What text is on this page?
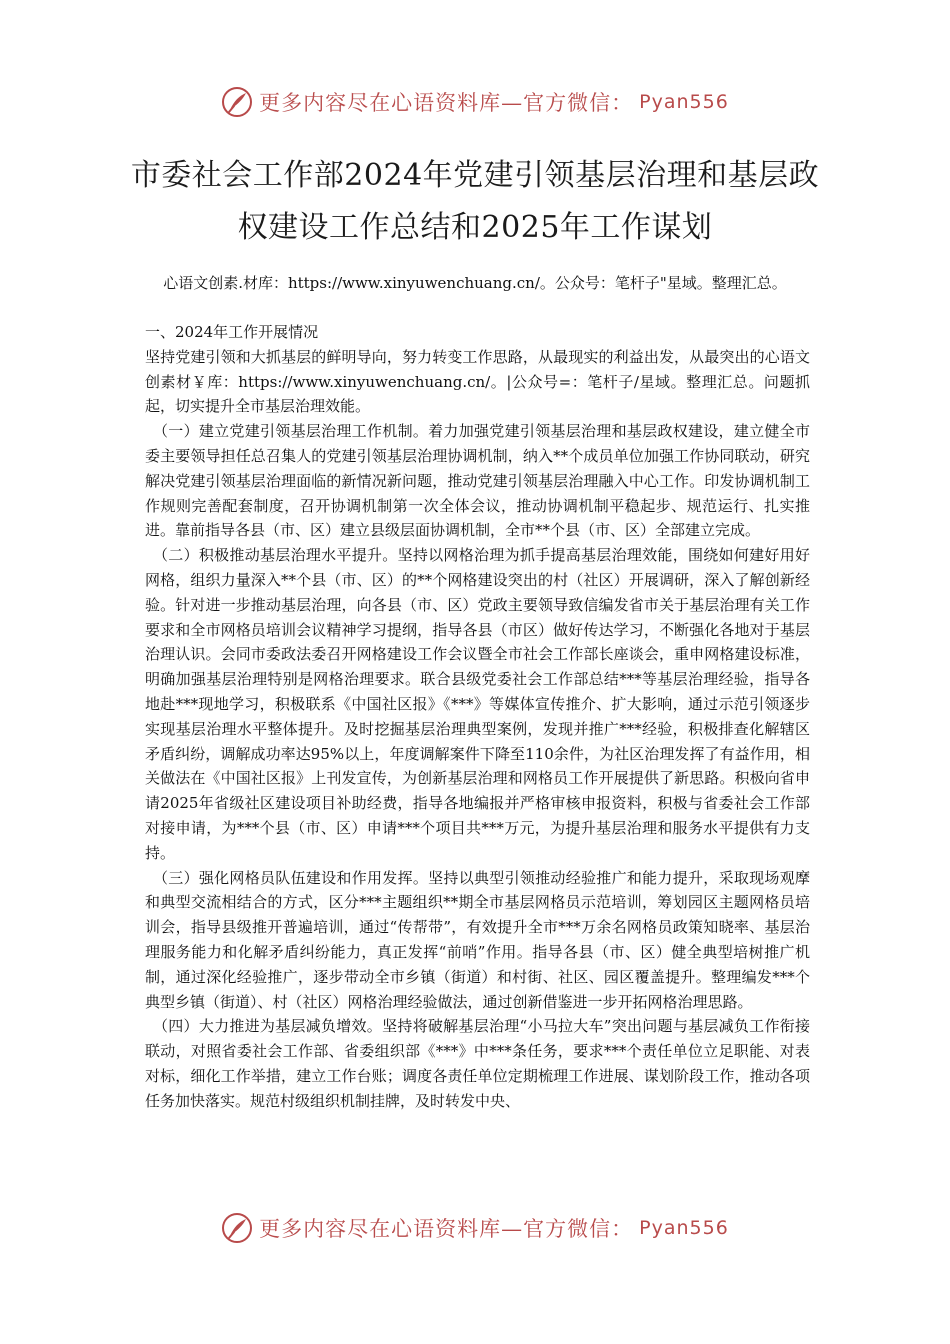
更多内容尽在心语资料库—官方微信： Pyan556
市委社会工作部2024年党建引领基层治理和基层政权建设工作总结和2025年工作谋划

心语文创素.材库：https://www.xinyuwenchuang.cn/。公众号：笔杆子"星域。整理汇总。

一、2024年工作开展情况

坚持党建引领和大抓基层的鲜明导向，努力转变工作思路，从最现实的利益出发，从最突出的心语文创素材￥库：https://www.xinyuwenchuang.cn/。|公众号=：笔杆子/星域。整理汇总。问题抓起，切实提升全市基层治理效能。

（一）建立党建引领基层治理工作机制。着力加强党建引领基层治理和基层政权建设，建立健全市委主要领导担任总召集人的党建引领基层治理协调机制，纳入**个成员单位加强工作协同联动，研究解决党建引领基层治理面临的新情况新问题，推动党建引领基层治理融入中心工作。印发协调机制工作规则完善配套制度，召开协调机制第一次全体会议，推动协调机制平稳起步、规范运行、扎实推进。靠前指导各县（市、区）建立县级层面协调机制，全市**个县（市、区）全部建立完成。

（二）积极推动基层治理水平提升。坚持以网格治理为抓手提高基层治理效能，围绕如何建好用好网格，组织力量深入**个县（市、区）的**个网格建设突出的村（社区）开展调研，深入了解创新经验。针对进一步推动基层治理，向各县（市、区）党政主要领导致信编发省市关于基层治理有关工作要求和全市网格员培训会议精神学习提纲，指导各县（市区）做好传达学习，不断强化各地对于基层治理认识。会同市委政法委召开网格建设工作会议暨全市社会工作部长座谈会，重申网格建设标准，明确加强基层治理特别是网格治理要求。联合县级党委社会工作部总结***等基层治理经验，指导各地赴***现地学习，积极联系《中国社区报》《***》等媒体宣传推介、扩大影响，通过示范引领逐步实现基层治理水平整体提升。及时挖掘基层治理典型案例，发现并推广***经验，积极排查化解辖区矛盾纠纷，调解成功率达95%以上，年度调解案件下降至110余件，为社区治理发挥了有益作用，相关做法在《中国社区报》上刊发宣传，为创新基层治理和网格员工作开展提供了新思路。积极向省申请2025年省级社区建设项目补助经费，指导各地编报并严格审核申报资料，积极与省委社会工作部对接申请，为***个县（市、区）申请***个项目共***万元，为提升基层治理和服务水平提供有力支持。

（三）强化网格员队伍建设和作用发挥。坚持以典型引领推动经验推广和能力提升，采取现场观摩和典型交流相结合的方式，区分***主题组织**期全市基层网格员示范培训，筹划园区主题网格员培训会，指导县级推开普遍培训，通过“传帮带”，有效提升全市***万余名网格员政策知晓率、基层治理服务能力和化解矛盾纠纷能力，真正发挥“前哨”作用。指导各县（市、区）健全典型培树推广机制，通过深化经验推广，逐步带动全市乡镇（街道）和村街、社区、园区覆盖提升。整理编发***个典型乡镇（街道）、村（社区）网格治理经验做法，通过创新借鉴进一步开拓网格治理思路。

（四）大力推进为基层减负增效。坚持将破解基层治理“小马拉大车”突出问题与基层减负工作衔接联动，对照省委社会工作部、省委组织部《***》中***条任务，要求***个责任单位立足职能、对表对标，细化工作举措，建立工作台账；调度各责任单位定期梳理工作进展、谋划阶段工作，推动各项任务加快落实。规范村级组织机制挂牌，及时转发中央、

更多内容尽在心语资料库—官方微信： Pyan556
